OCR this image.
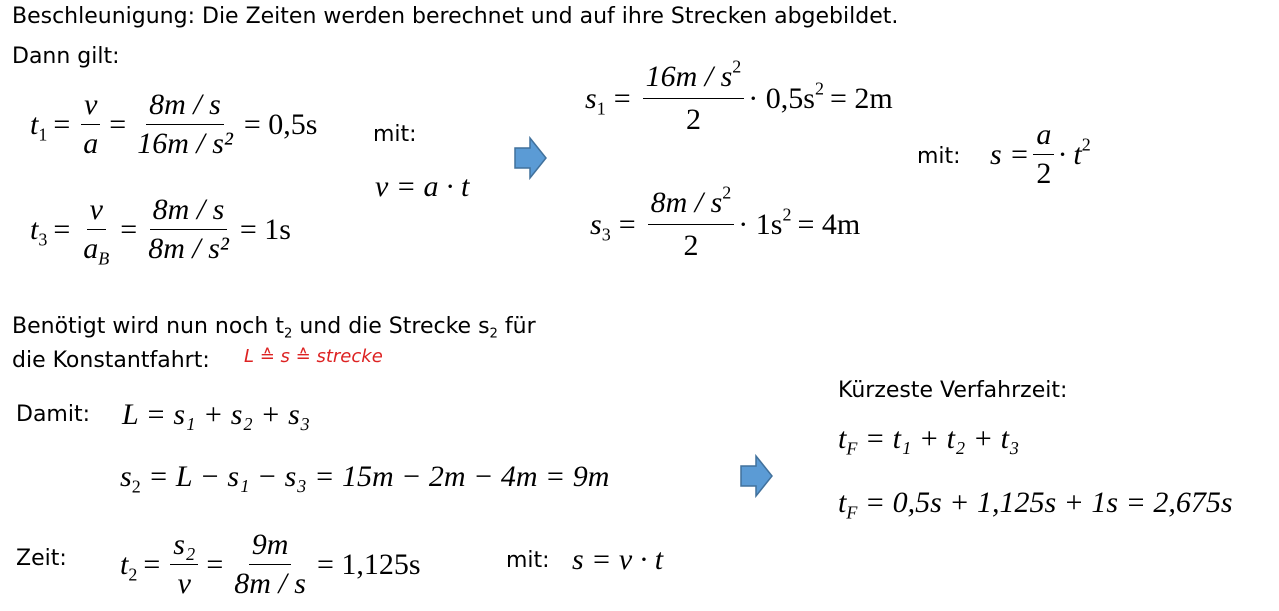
Beschleunigung: Die Zeiten werden berechnet und auf ihre Strecken abgebildet.
Dann gilt:
$t_1 = \frac{v}{a} = \frac{8m / s}{\text{16m / s²}} = 0,5s$
$t_3 = \frac{v}{a_B} = \frac{8m / s}{\text{8m / s²}} = 1s$
mit:
v = a · t
$s_1 = \frac{16m / s^2}{2} \cdot 0,5s^2 = 2m$
$s_3 = \frac{8m / s^2}{2} \cdot 1s^2 = 4m$
mit: $s = \frac{a}{2} \cdot t^2$
Benötigt wird nun noch $t_2$ und die Strecke $s_2$ für
die Konstantfahrt: L ≙ s ≙ strecke
Damit: L = s₁ + s₂ + s₃
$s_2 = L - s_1 - s_3 = 15m - 2m - 4m = 9m$
Zeit: $t_2 = \frac{\text{s₂}}{v} = \frac{9m}{8m / s} = 1,125s$	mit: s = v · t
Kürzeste Verfahrzeit:
$t_F = t_1 + t_2 + t_3$
$t_F = 0,5s + 1,125s + 1s = 2,675s$
